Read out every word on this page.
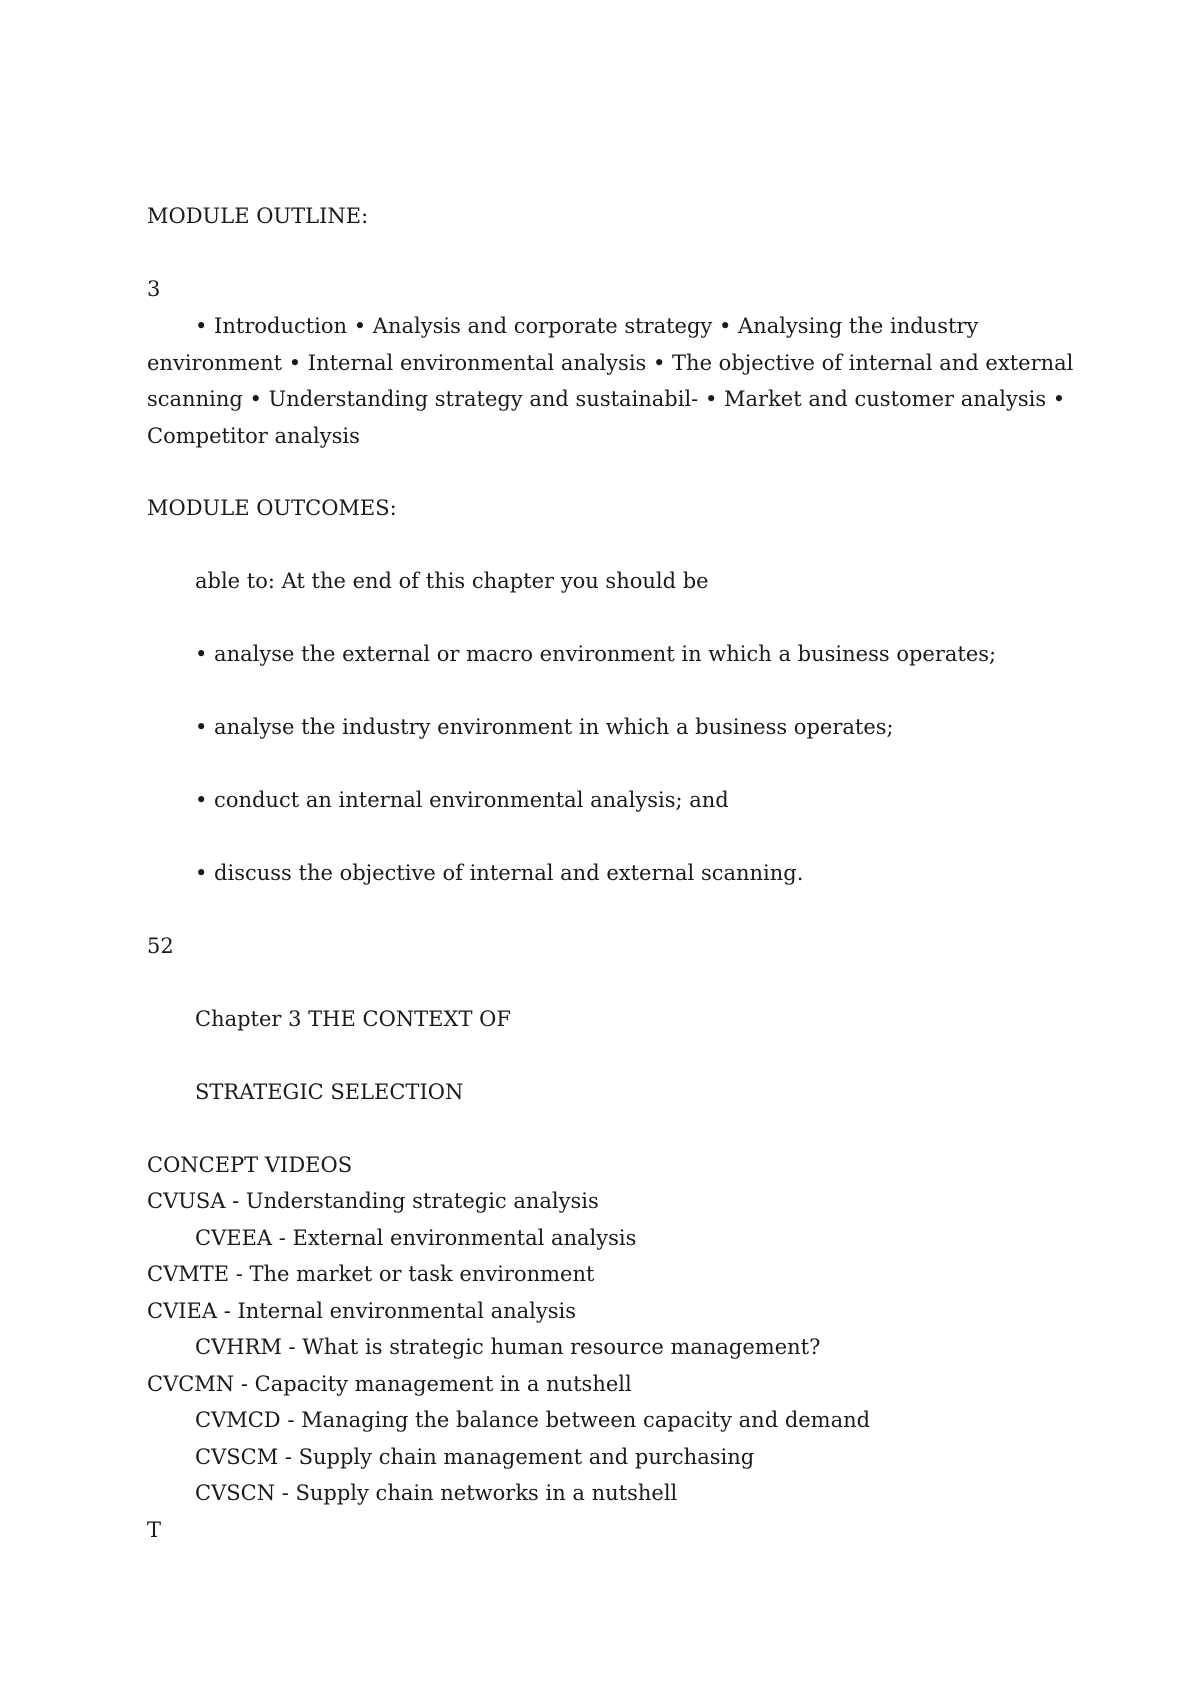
MODULE OUTLINE:
3
• Introduction • Analysis and corporate strategy • Analysing the industry
environment • Internal environmental analysis • The objective of internal and external
scanning • Understanding strategy and sustainabil- • Market and customer analysis •
Competitor analysis
MODULE OUTCOMES:
able to: At the end of this chapter you should be
• analyse the external or macro environment in which a business operates;
• analyse the industry environment in which a business operates;
• conduct an internal environmental analysis; and
• discuss the objective of internal and external scanning.
52
Chapter 3 THE CONTEXT OF
STRATEGIC SELECTION
CONCEPT VIDEOS
CVUSA - Understanding strategic analysis
CVEEA - External environmental analysis
CVMTE - The market or task environment
CVIEA - Internal environmental analysis
CVHRM - What is strategic human resource management?
CVCMN - Capacity management in a nutshell
CVMCD - Managing the balance between capacity and demand
CVSCM - Supply chain management and purchasing
CVSCN - Supply chain networks in a nutshell
T
